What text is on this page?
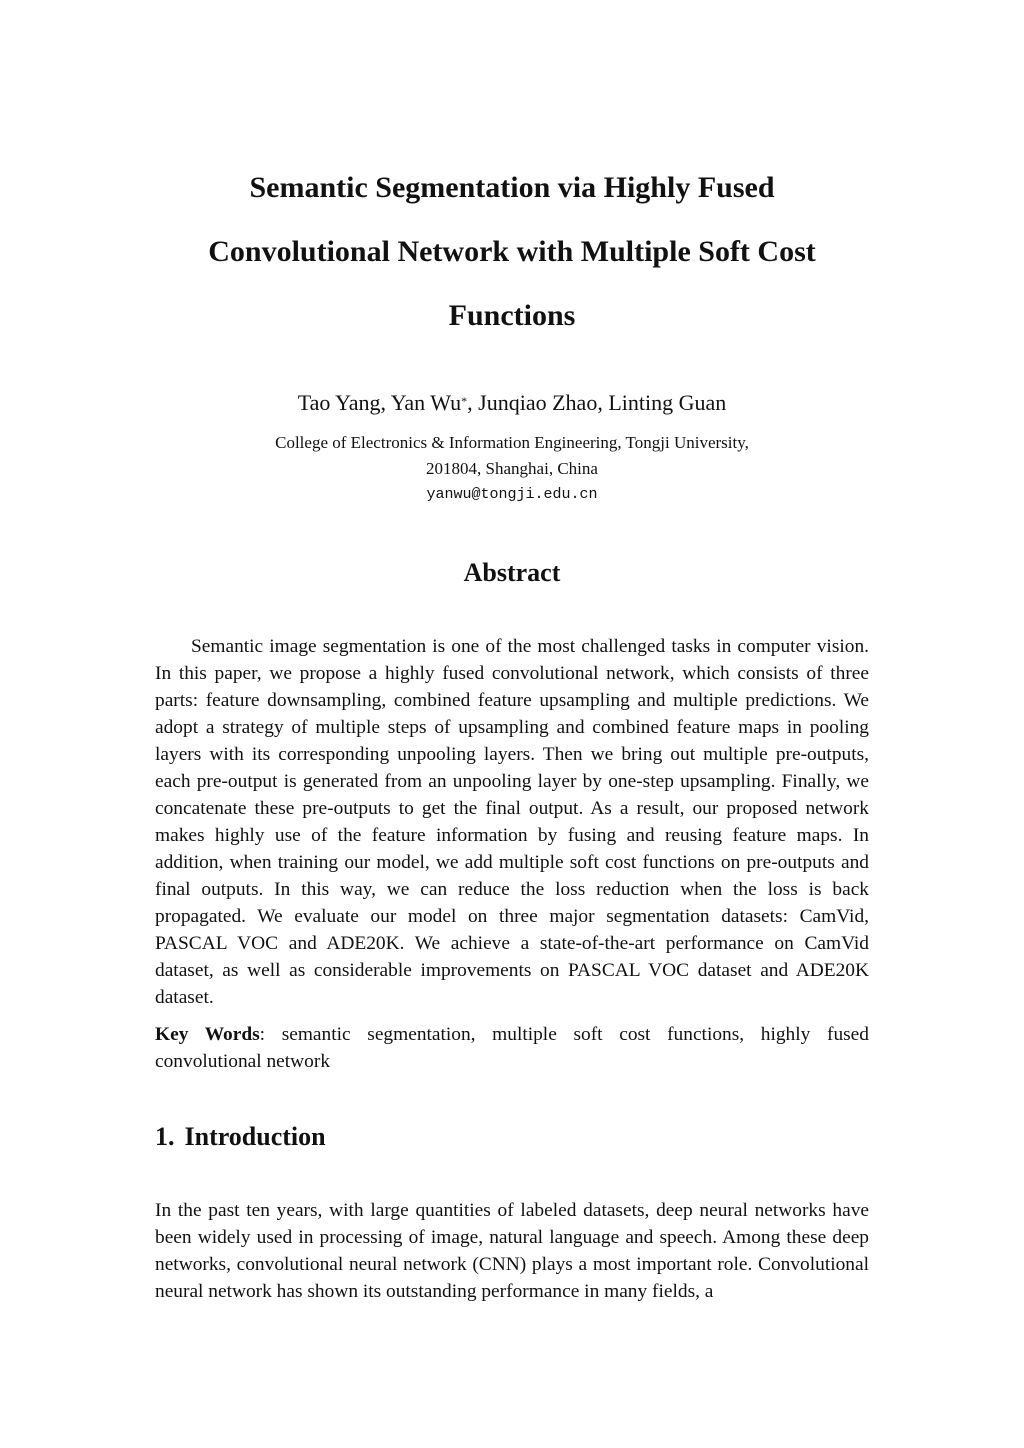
Semantic Segmentation via Highly Fused
Convolutional Network with Multiple Soft Cost
Functions

Tao Yang, Yan Wu*, Junqiao Zhao, Linting Guan

College of Electronics & Information Engineering, Tongji University,

201804, Shanghai, China

yanwu@tongji.edu.cn

Abstract

Semantic image segmentation is one of the most challenged tasks in computer vision. In this paper, we propose a highly fused convolutional network, which consists of three parts: feature downsampling, combined feature upsampling and multiple predictions. We adopt a strategy of multiple steps of upsampling and combined feature maps in pooling layers with its corresponding unpooling layers. Then we bring out multiple pre-outputs, each pre-output is generated from an unpooling layer by one-step upsampling. Finally, we concatenate these pre-outputs to get the final output. As a result, our proposed network makes highly use of the feature information by fusing and reusing feature maps. In addition, when training our model, we add multiple soft cost functions on pre-outputs and final outputs. In this way, we can reduce the loss reduction when the loss is back propagated. We evaluate our model on three major segmentation datasets: CamVid, PASCAL VOC and ADE20K. We achieve a state-of-the-art performance on CamVid dataset, as well as considerable improvements on PASCAL VOC dataset and ADE20K dataset.

Key Words: semantic segmentation, multiple soft cost functions, highly fused convolutional network

1. Introduction

In the past ten years, with large quantities of labeled datasets, deep neural networks have been widely used in processing of image, natural language and speech. Among these deep networks, convolutional neural network (CNN) plays a most important role. Convolutional neural network has shown its outstanding performance in many fields, a
